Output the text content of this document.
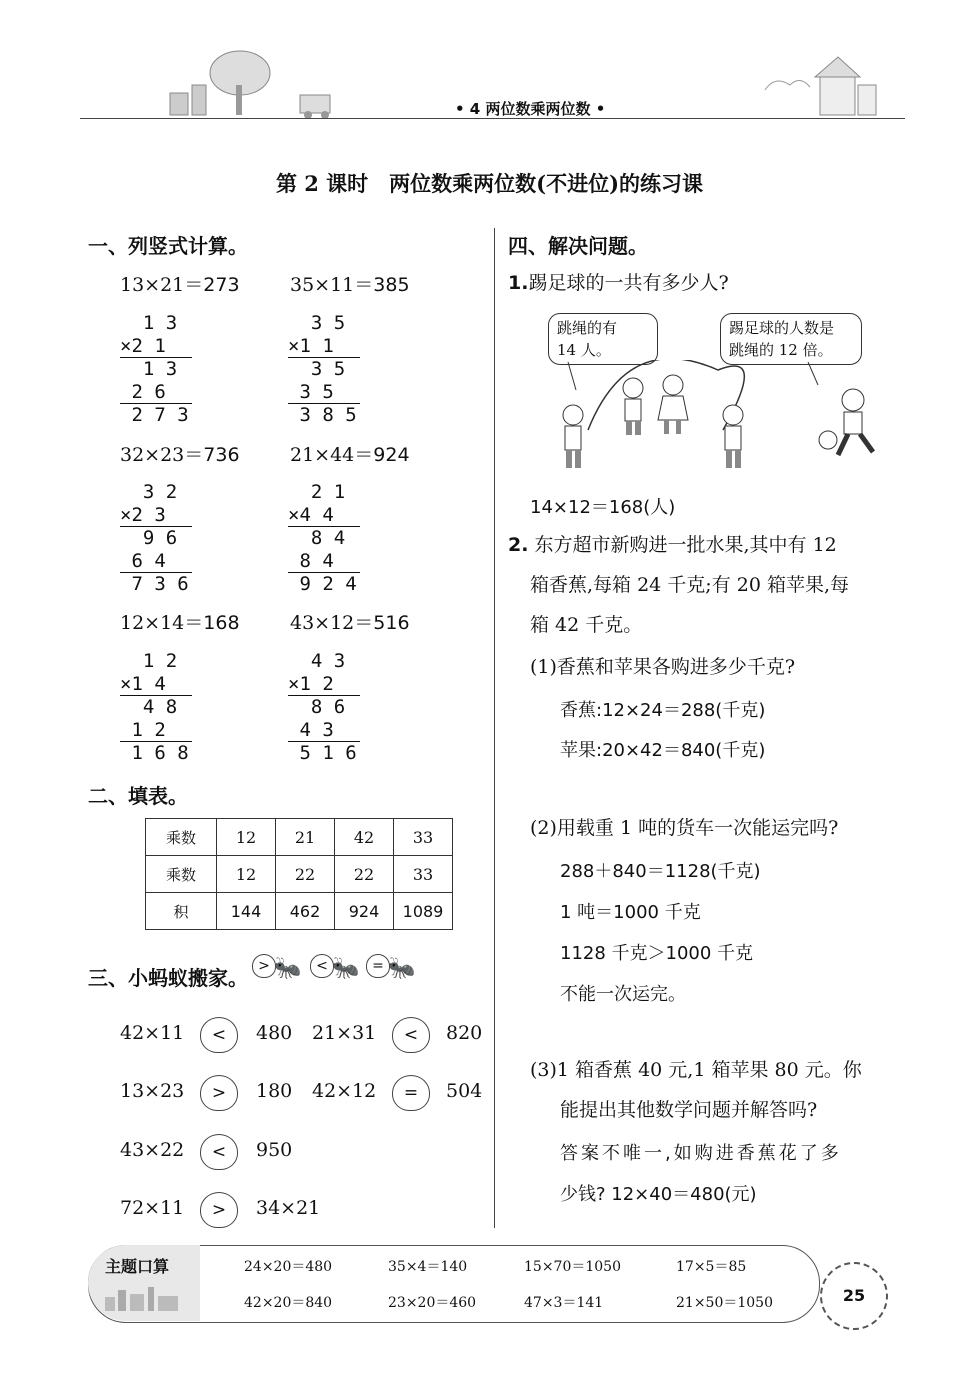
• 4 两位数乘两位数 •
第 2 课时　两位数乘两位数(不进位)的练习课
一、列竖式计算。
13×21＝273	35×11＝385
32×23＝736	21×44＝924
12×14＝168	43×12＝516
1 3
×2 1
1 3
2 6
2 7 3
3 5
×1 1
3 5
3 5
3 8 5
3 2
×2 3
9 6
6 4
7 3 6
2 1
×4 4
8 4
8 4
9 2 4
1 2
×1 4
4 8
1 2
1 6 8
4 3
×1 2
8 6
4 3
5 1 6
二、填表。
乘数	12	21	42	33
乘数	12	22	22	33
积	144	462	924	1089
三、小蚂蚁搬家。 > 🐜	< 🐜 = 🐜
42×11	<	480 21×31	<	820
13×23	>	180 42×12	=	504
43×22	<	950
72×11	>	34×21
四、解决问题。
1.踢足球的一共有多少人?
跳绳的有
14 人。
踢足球的人数是
跳绳的 12 倍。
14×12＝168(人)
2. 东方超市新购进一批水果,其中有 12
箱香蕉,每箱 24 千克;有 20 箱苹果,每
箱 42 千克。
(1)香蕉和苹果各购进多少千克?
香蕉:12×24＝288(千克)
苹果:20×42＝840(千克)
(2)用载重 1 吨的货车一次能运完吗?
288＋840＝1128(千克)
1 吨＝1000 千克
1128 千克＞1000 千克
不能一次运完。
(3)1 箱香蕉 40 元,1 箱苹果 80 元。你
能提出其他数学问题并解答吗?
答案不唯一,如购进香蕉花了多
少钱? 12×40＝480(元)
主题口算	24×20＝480	35×4＝140	15×70＝1050	17×5＝85
42×20＝840	23×20＝460	47×3＝141	21×50＝1050	25
